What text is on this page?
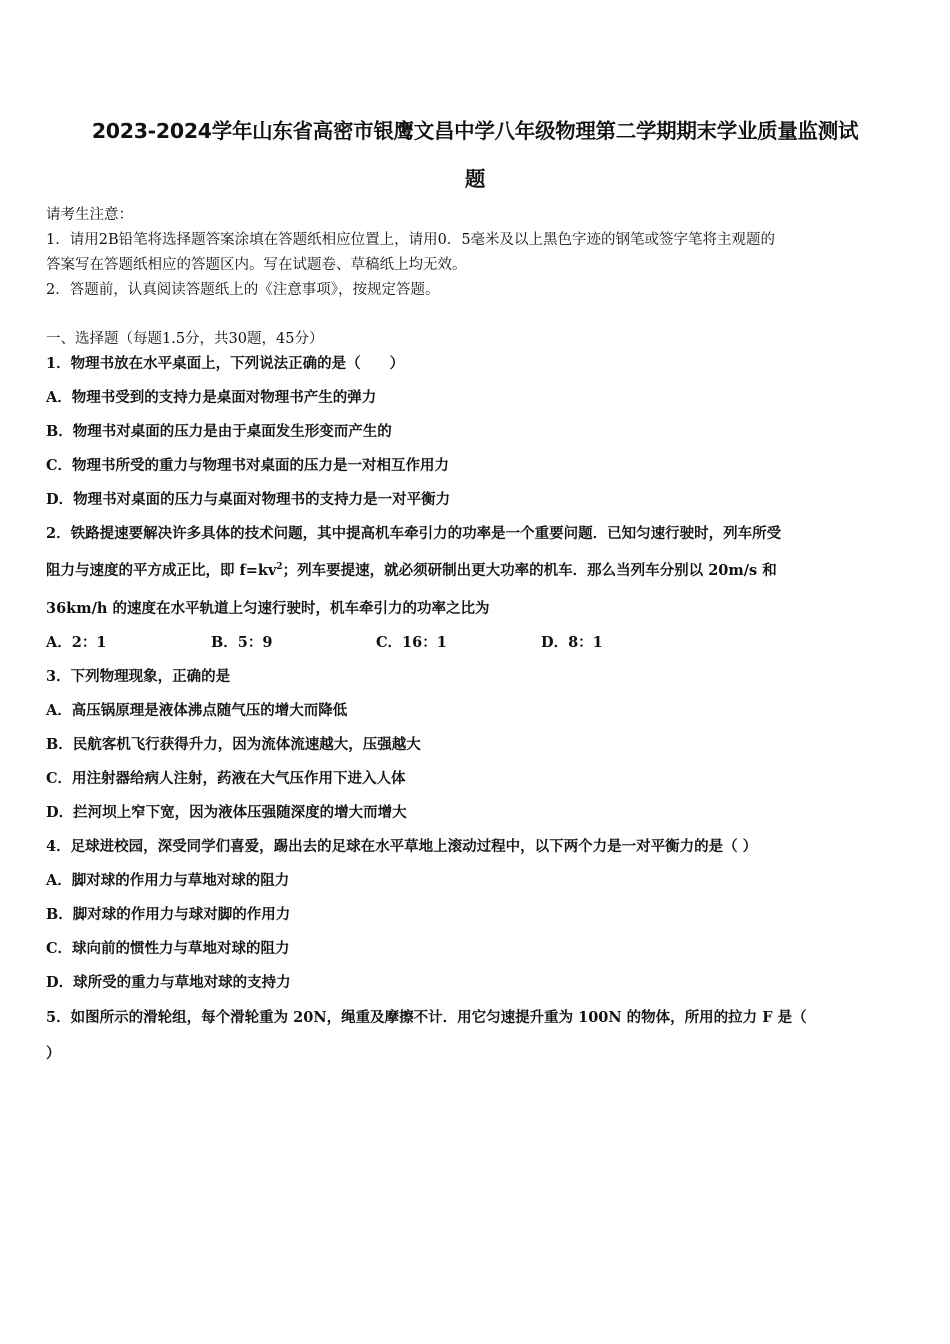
2023-2024学年山东省高密市银鹰文昌中学八年级物理第二学期期末学业质量监测试
题
请考生注意：
1．请用2B铅笔将选择题答案涂填在答题纸相应位置上，请用0．5毫米及以上黑色字迹的钢笔或签字笔将主观题的
答案写在答题纸相应的答题区内。写在试题卷、草稿纸上均无效。
2．答题前，认真阅读答题纸上的《注意事项》，按规定答题。
一、选择题（每题1.5分，共30题，45分）
1．物理书放在水平桌面上，下列说法正确的是（　　）
A．物理书受到的支持力是桌面对物理书产生的弹力
B．物理书对桌面的压力是由于桌面发生形变而产生的
C．物理书所受的重力与物理书对桌面的压力是一对相互作用力
D．物理书对桌面的压力与桌面对物理书的支持力是一对平衡力
2．铁路提速要解决许多具体的技术问题，其中提高机车牵引力的功率是一个重要问题．已知匀速行驶时，列车所受
阻力与速度的平方成正比，即 $f=kv^2$；列车要提速，就必须研制出更大功率的机车．那么当列车分别以 20m/s 和
36km/h 的速度在水平轨道上匀速行驶时，机车牵引力的功率之比为
A．2：1	B．5：9	C．16：1	D．8：1
3．下列物理现象，正确的是
A．高压锅原理是液体沸点随气压的增大而降低
B．民航客机飞行获得升力，因为流体流速越大，压强越大
C．用注射器给病人注射，药液在大气压作用下进入人体
D．拦河坝上窄下宽，因为液体压强随深度的增大而增大
4．足球进校园，深受同学们喜爱，踢出去的足球在水平草地上滚动过程中，以下两个力是一对平衡力的是（ ）
A．脚对球的作用力与草地对球的阻力
B．脚对球的作用力与球对脚的作用力
C．球向前的惯性力与草地对球的阻力
D．球所受的重力与草地对球的支持力
5．如图所示的滑轮组，每个滑轮重为 20N，绳重及摩擦不计．用它匀速提升重为 100N 的物体，所用的拉力 F 是（
）
